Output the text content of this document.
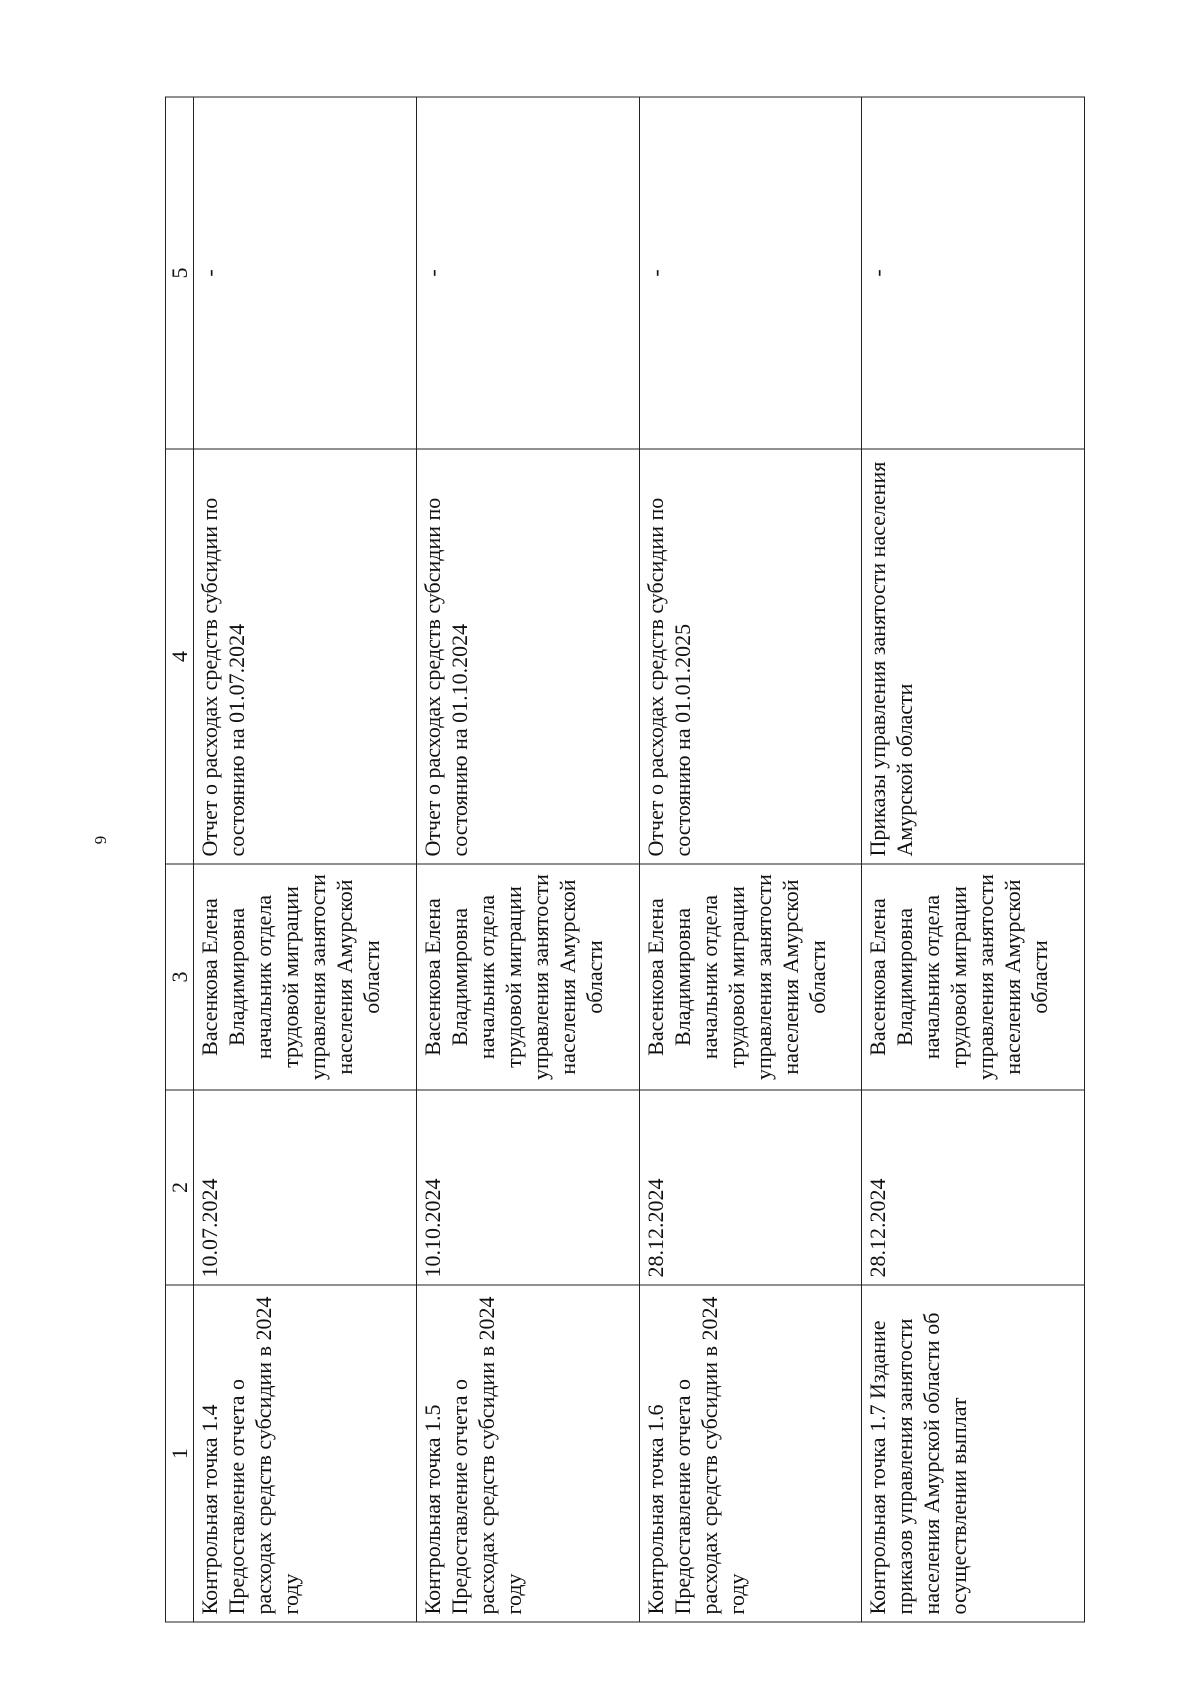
6
1	2	3	4	5
Контрольная точка 1.4 Предоставление отчета о расходах средств субсидии в 2024 году	10.07.2024	Васенкова Елена Владимировна начальник отдела трудовой миграции управления занятости населения Амурской области	Отчет о расходах средств субсидии по состоянию на 01.07.2024	-
Контрольная точка 1.5 Предоставление отчета о расходах средств субсидии в 2024 году	10.10.2024	Васенкова Елена Владимировна начальник отдела трудовой миграции управления занятости населения Амурской области	Отчет о расходах средств субсидии по состоянию на 01.10.2024	-
Контрольная точка 1.6 Предоставление отчета о расходах средств субсидии в 2024 году	28.12.2024	Васенкова Елена Владимировна начальник отдела трудовой миграции управления занятости населения Амурской области	Отчет о расходах средств субсидии по состоянию на 01.01.2025	-
Контрольная точка 1.7 Издание приказов управления занятости населения Амурской области об осуществлении выплат	28.12.2024	Васенкова Елена Владимировна начальник отдела трудовой миграции управления занятости населения Амурской области	Приказы управления занятости населения Амурской области	-
